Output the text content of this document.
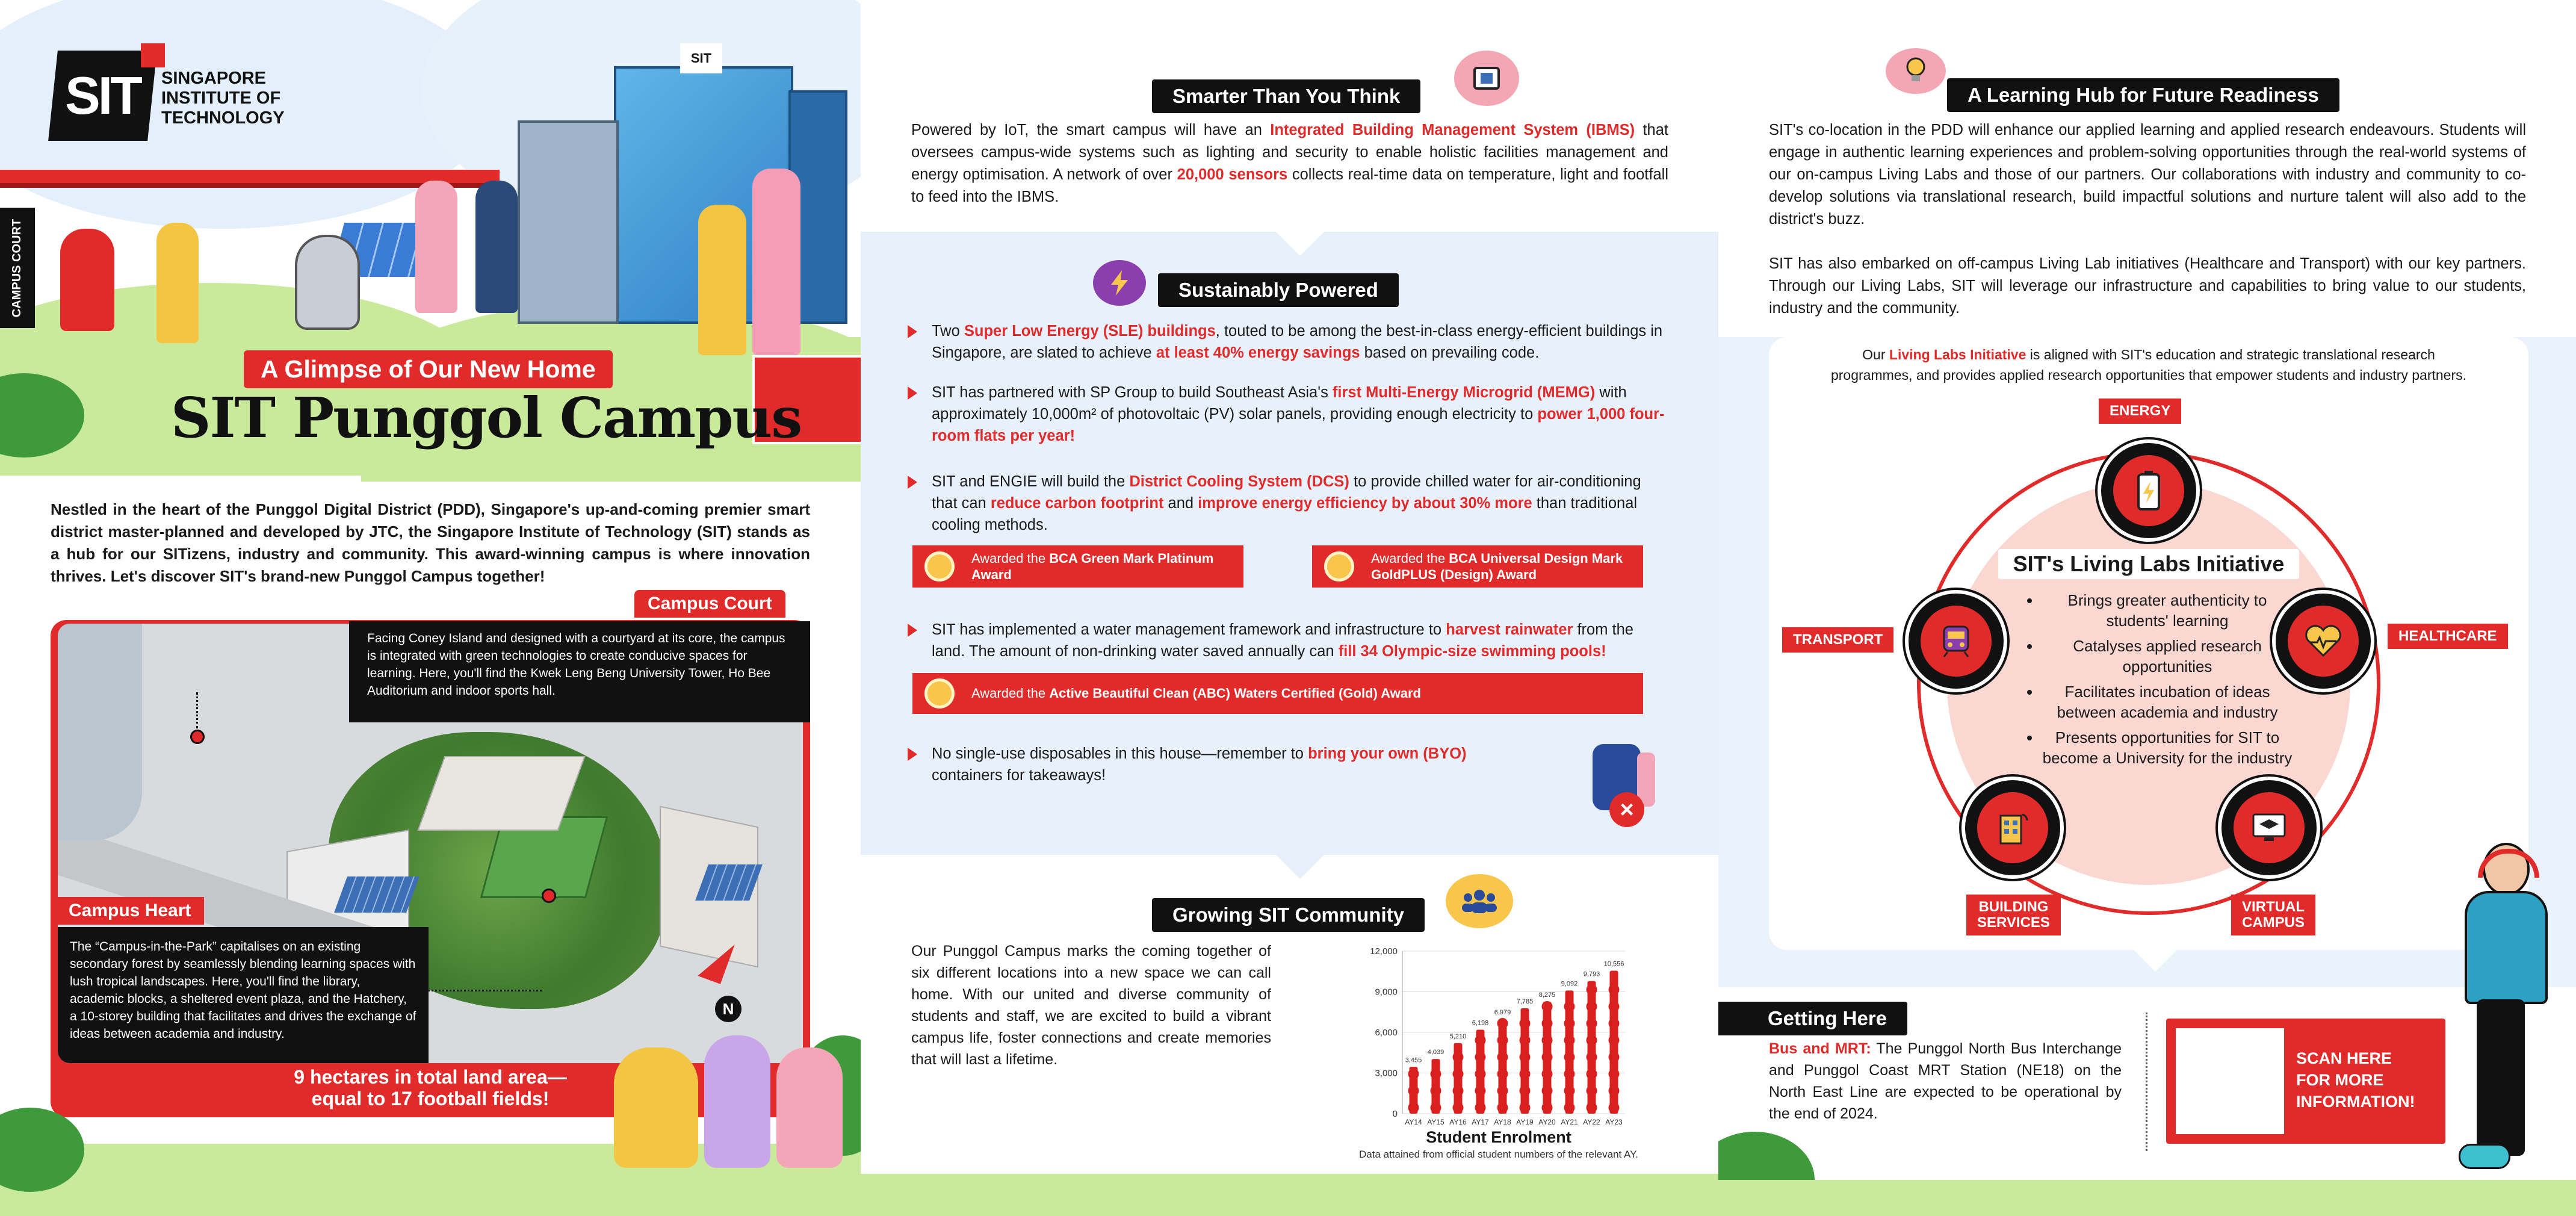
SIT
CAMPUS COURT
SIT SINGAPORE
INSTITUTE OF
TECHNOLOGY
A Glimpse of Our New Home
SIT Punggol Campus
Nestled in the heart of the Punggol Digital District (PDD), Singapore's up-and-coming premier smart district master-planned and developed by JTC, the Singapore Institute of Technology (SIT) stands as a hub for our SITizens, industry and community. This award-winning campus is where innovation thrives. Let's discover SIT's brand-new Punggol Campus together!
N
Campus Court
Facing Coney Island and designed with a courtyard at its core, the campus is integrated with green technologies to create conducive spaces for learning. Here, you'll find the Kwek Leng Beng University Tower, Ho Bee Auditorium and indoor sports hall.
Campus Heart
The “Campus-in-the-Park” capitalises on an existing secondary forest by seamlessly blending learning spaces with lush tropical landscapes. Here, you'll find the library, academic blocks, a sheltered event plaza, and the Hatchery, a 10-storey building that facilitates and drives the exchange of ideas between academia and industry.
9 hectares in total land area—
equal to 17 football fields!
Smarter Than You Think
Powered by IoT, the smart campus will have an Integrated Building Management System (IBMS) that oversees campus-wide systems such as lighting and security to enable holistic facilities management and energy optimisation. A network of over 20,000 sensors collects real-time data on temperature, light and footfall to feed into the IBMS.
Sustainably Powered
Two Super Low Energy (SLE) buildings, touted to be among the best-in-class energy-efficient buildings in Singapore, are slated to achieve at least 40% energy savings based on prevailing code.
SIT has partnered with SP Group to build Southeast Asia's first Multi-Energy Microgrid (MEMG) with approximately 10,000m² of photovoltaic (PV) solar panels, providing enough electricity to power 1,000 four-room flats per year!
SIT and ENGIE will build the District Cooling System (DCS) to provide chilled water for air-conditioning that can reduce carbon footprint and improve energy efficiency by about 30% more than traditional cooling methods.
Awarded the BCA Green Mark Platinum Award
Awarded the BCA Universal Design Mark GoldPLUS (Design) Award
SIT has implemented a water management framework and infrastructure to harvest rainwater from the land. The amount of non-drinking water saved annually can fill 34 Olympic-size swimming pools!
Awarded the Active Beautiful Clean (ABC) Waters Certified (Gold) Award
No single-use disposables in this house—remember to bring your own (BYO) containers for takeaways!
×
Growing SIT Community
Our Punggol Campus marks the coming together of six different locations into a new space we can call home. With our united and diverse community of students and staff, we are excited to build a vibrant campus life, foster connections and create memories that will last a lifetime.
0
3,000
6,000
9,000
12,000
3,455
AY14
4,039
AY15
5,210
AY16
6,198
AY17
6,979
AY18
7,785
AY19
8,275
AY20
9,092
AY21
9,793
AY22
10,556
AY23
Student Enrolment
Data attained from official student numbers of the relevant AY.
A Learning Hub for Future Readiness
SIT's co-location in the PDD will enhance our applied learning and applied research endeavours. Students will engage in authentic learning experiences and problem-solving opportunities through the real-world systems of our on-campus Living Labs and those of our partners. Our collaborations with industry and community to co-develop solutions via translational research, build impactful solutions and nurture talent will also add to the district's buzz.
SIT has also embarked on off-campus Living Lab initiatives (Healthcare and Transport) with our key partners. Through our Living Labs, SIT will leverage our infrastructure and capabilities to bring value to our students, industry and the community.
Our Living Labs Initiative is aligned with SIT's education and strategic translational research programmes, and provides applied research opportunities that empower students and industry partners.
SIT's Living Labs Initiative
• Brings greater authenticity to students' learning
• Catalyses applied research opportunities
• Facilitates incubation of ideas between academia and industry
• Presents opportunities for SIT to become a University for the industry
ENERGY
HEALTHCARE
VIRTUAL
CAMPUS
BUILDING
SERVICES
TRANSPORT
Getting Here
Bus and MRT: The Punggol North Bus Interchange and Punggol Coast MRT Station (NE18) on the North East Line are expected to be operational by the end of 2024.
SCAN HERE
FOR MORE
INFORMATION!
